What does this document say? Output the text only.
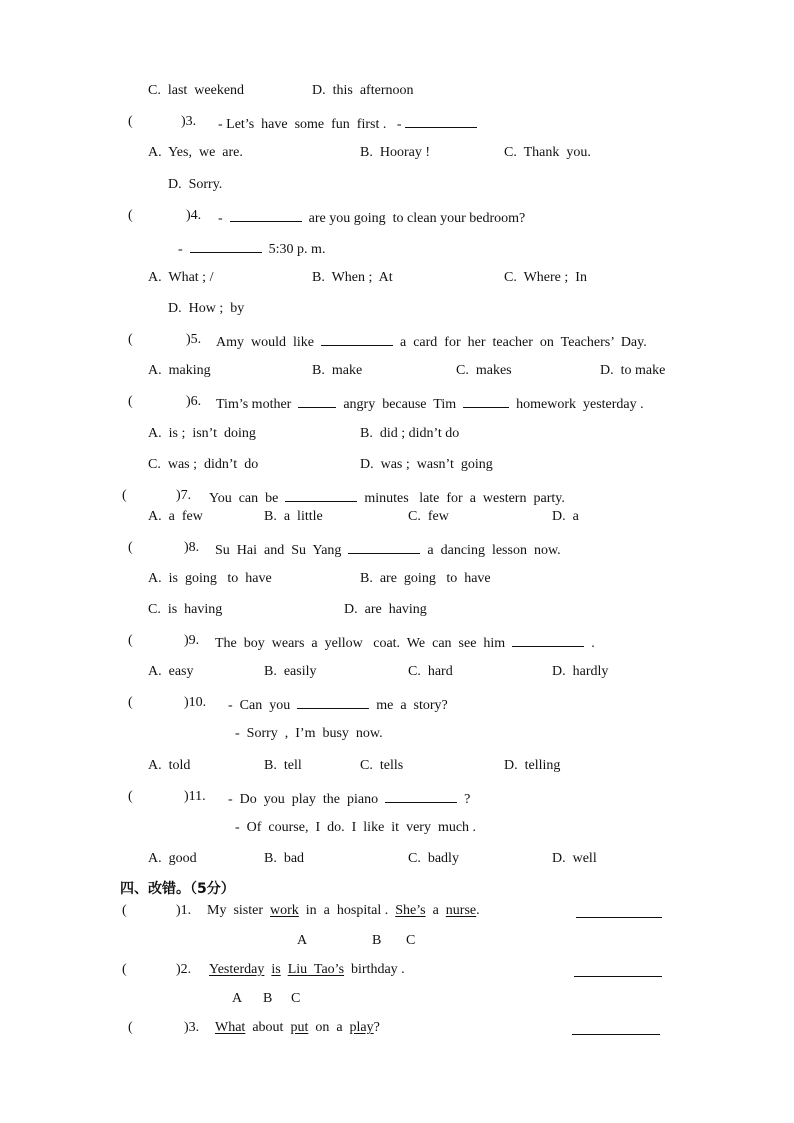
C.  last  weekend	D.  this  afternoon
(	)3. - Let’s  have  some  fun  first .   -
A.  Yes,  we  are.	B.  Hooray !	C.  Thank  you.
D.  Sorry.
(	)4. -	are you going  to clean your bedroom?
-	5:30 p. m.
A.  What ; /	B.  When ;  At	C.  Where ;  In
D.  How ;  by
(	)5. Amy  would  like	a  card  for  her  teacher  on  Teachers’  Day.
A.  making	B.  make	C.  makes	D.  to make
(	)6. Tim’s mother	angry  because  Tim	homework  yesterday .
A.  is ;  isn’t  doing	B.  did ; didn’t do
C.  was ;  didn’t  do	D.  was ;  wasn’t  going
(	)7. You  can  be	minutes   late  for  a  western  party.
A.  a  few	B.  a  little	C.  few	D.  a
(	)8. Su  Hai  and  Su  Yang	a  dancing  lesson  now.
A.  is  going   to  have	B.  are  going   to  have
C.  is  having	D.  are  having
(	)9. The  boy  wears  a  yellow   coat.  We  can  see  him	.
A.  easy	B.  easily	C.  hard	D.  hardly
(	)10. -  Can  you	me  a  story?
-  Sorry  ,  I’m  busy  now.
A.  told	B.  tell	C.  tells	D.  telling
(	)11. -  Do  you  play  the  piano	?
-  Of  course,  I  do.  I  like  it  very  much .
A.  good	B.  bad	C.  badly	D.  well
四、改错。（5分）
(	)1. My  sister work in  a  hospital . She’s a nurse.
A	B C
(	)2. Yesterday is Liu  Tao’s birthday .
A B C
(	)3. What about put on  a play?
